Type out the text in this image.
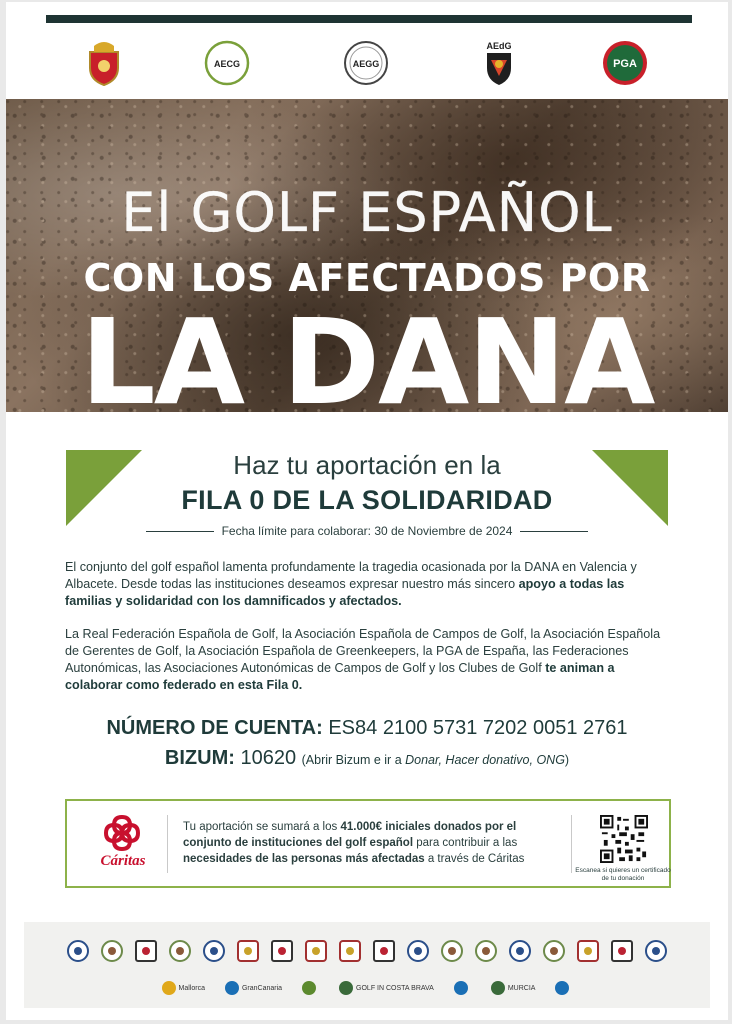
AECG	AEGG
AEdG
PGA
El GOLF ESPAÑOL
CON LOS AFECTADOS POR
LA DANA
Haz tu aportación en la
FILA 0 DE LA SOLIDARIDAD
Fecha límite para colaborar: 30 de Noviembre de 2024
El conjunto del golf español lamenta profundamente la tragedia ocasionada por la DANA en Valencia y Albacete. Desde todas las instituciones deseamos expresar nuestro más sincero apoyo a todas las familias y solidaridad con los damnificados y afectados.
La Real Federación Española de Golf, la Asociación Española de Campos de Golf, la Asociación Española de Gerentes de Golf, la Asociación Española de Greenkeepers, la PGA de España, las Federaciones Autonómicas, las Asociaciones Autonómicas de Campos de Golf y los Clubes de Golf te animan a colaborar como federado en esta Fila 0.
NÚMERO DE CUENTA: ES84 2100 5731 7202 0051 2761
BIZUM: 10620 (Abrir Bizum e ir a Donar, Hacer donativo, ONG)
Cáritas
Tu aportación se sumará a los 41.000€ iniciales donados por el conjunto de instituciones del golf español para contribuir a las necesidades de las personas más afectadas a través de Cáritas
Escanea si quieres un certificado de tu donación
Mallorca	GranCanaria	GOLF IN COSTA BRAVA	MURCIA
